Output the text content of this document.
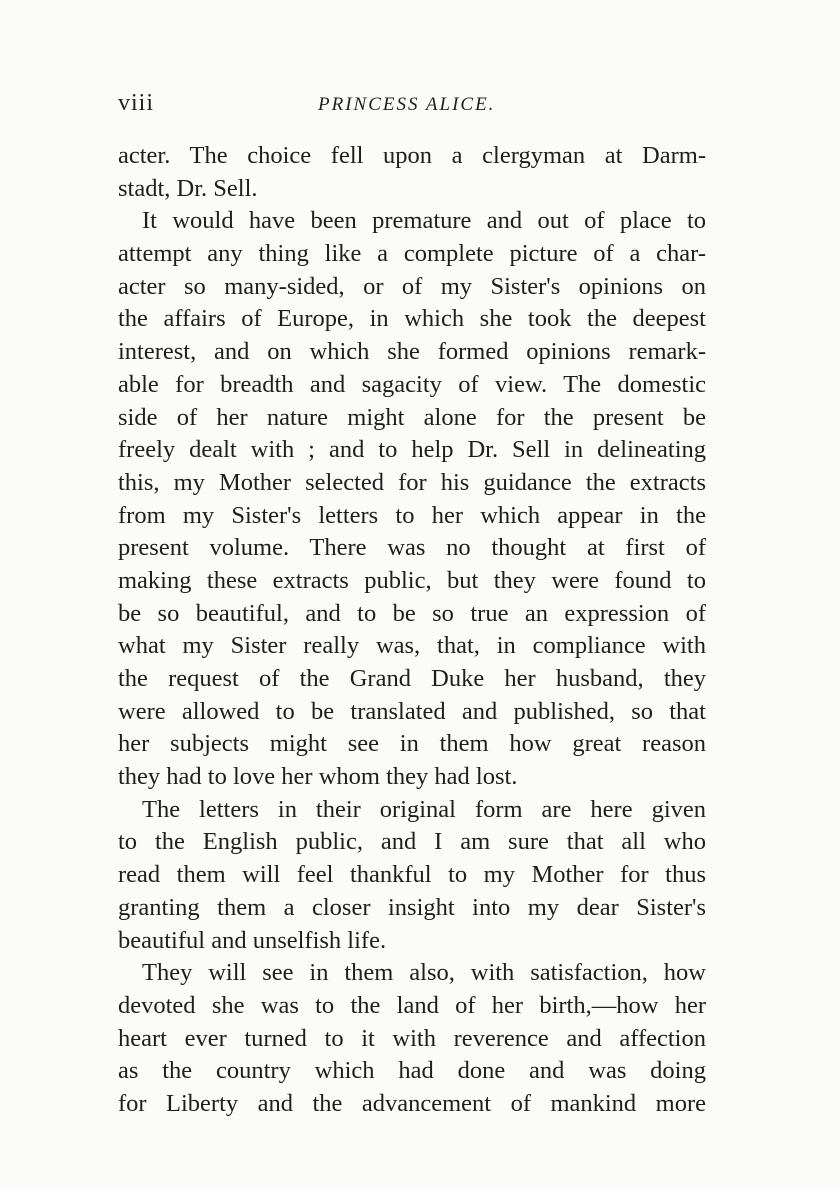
viii	PRINCESS ALICE.
acter. The choice fell upon a clergyman at Darm-
stadt, Dr. Sell.
It would have been premature and out of place to
attempt any thing like a complete picture of a char-
acter so many-sided, or of my Sister's opinions on
the affairs of Europe, in which she took the deepest
interest, and on which she formed opinions remark-
able for breadth and sagacity of view. The domestic
side of her nature might alone for the present be
freely dealt with ; and to help Dr. Sell in delineating
this, my Mother selected for his guidance the extracts
from my Sister's letters to her which appear in the
present volume. There was no thought at first of
making these extracts public, but they were found to
be so beautiful, and to be so true an expression of
what my Sister really was, that, in compliance with
the request of the Grand Duke her husband, they
were allowed to be translated and published, so that
her subjects might see in them how great reason
they had to love her whom they had lost.
The letters in their original form are here given
to the English public, and I am sure that all who
read them will feel thankful to my Mother for thus
granting them a closer insight into my dear Sister's
beautiful and unselfish life.
They will see in them also, with satisfaction, how
devoted she was to the land of her birth,—how her
heart ever turned to it with reverence and affection
as the country which had done and was doing
for Liberty and the advancement of mankind more
